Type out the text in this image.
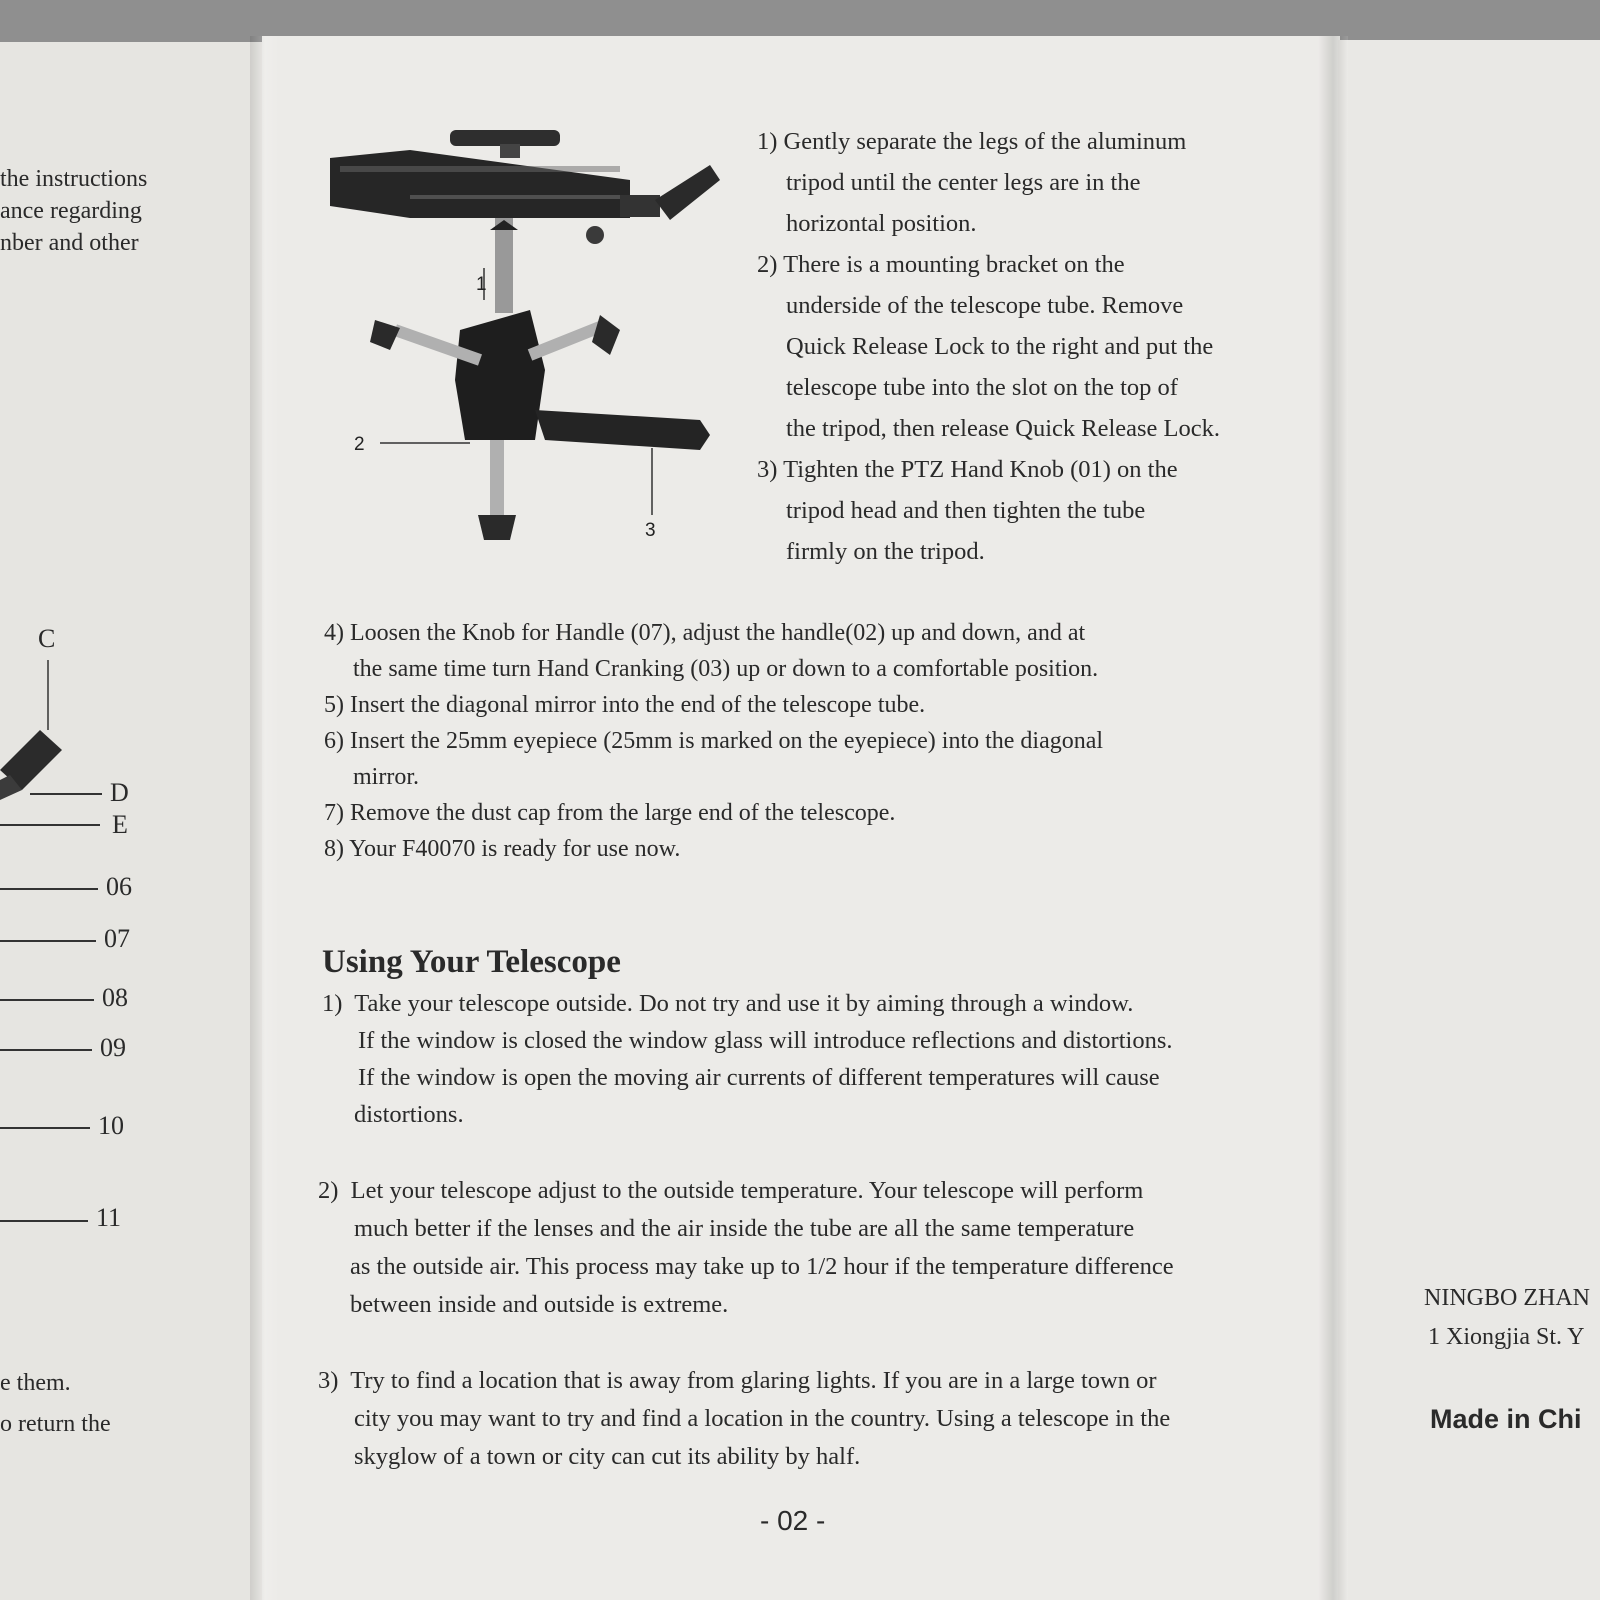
the instructions

ance regarding

nber and other

e them.

o return the

C
D
E
06
07
08
09
10
11
1
2
3
1) Gently separate the legs of the aluminum
tripod until the center legs are in the
horizontal position.
2) There is a mounting bracket on the
underside of the telescope tube. Remove
Quick Release Lock to the right and put the
telescope tube into the slot on the top of
the tripod, then release Quick Release Lock.
3) Tighten the PTZ Hand Knob (01) on the
tripod head and then tighten the tube
firmly on the tripod.
4) Loosen the Knob for Handle (07), adjust the handle(02) up and down, and at
the same time turn Hand Cranking (03) up or down to a comfortable position.
5) Insert the diagonal mirror into the end of the telescope tube.
6) Insert the 25mm eyepiece (25mm is marked on the eyepiece) into the diagonal
mirror.
7) Remove the dust cap from the large end of the telescope.
8) Your F40070 is ready for use now.
Using Your Telescope
1) Take your telescope outside. Do not try and use it by aiming through a window.
If the window is closed the window glass will introduce reflections and distortions.
If the window is open the moving air currents of different temperatures will cause
distortions.
2) Let your telescope adjust to the outside temperature. Your telescope will perform
much better if the lenses and the air inside the tube are all the same temperature
as the outside air. This process may take up to 1/2 hour if the temperature difference
between inside and outside is extreme.
3) Try to find a location that is away from glaring lights. If you are in a large town or
city you may want to try and find a location in the country. Using a telescope in the
skyglow of a town or city can cut its ability by half.
- 02 -
NINGBO ZHAN
1 Xiongjia St. Y
Made in Chi
